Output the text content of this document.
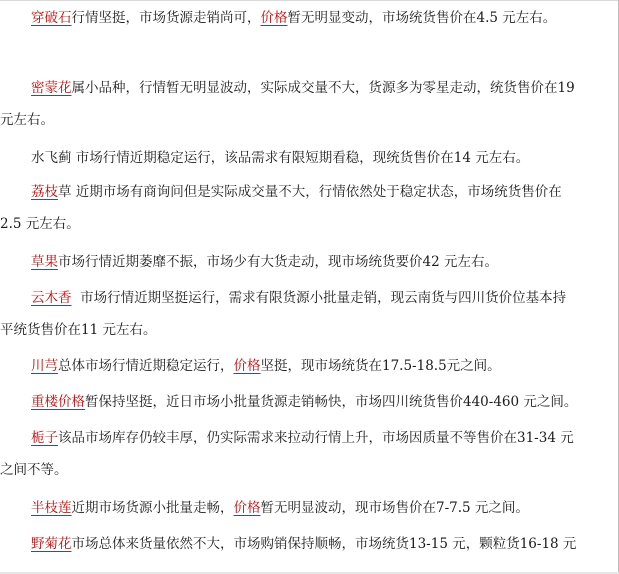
穿破石行情坚挺，市场货源走销尚可，价格暂无明显变动，市场统货售价在4.5 元左右。
密蒙花属小品种，行情暂无明显波动，实际成交量不大，货源多为零星走动，统货售价在19
元左右。
水飞蓟 市场行情近期稳定运行，该品需求有限短期看稳，现统货售价在14 元左右。
荔枝草 近期市场有商询问但是实际成交量不大，行情依然处于稳定状态，市场统货售价在
2.5 元左右。
草果市场行情近期萎靡不振，市场少有大货走动，现市场统货要价42 元左右。
云木香  市场行情近期坚挺运行，需求有限货源小批量走销，现云南货与四川货价位基本持
平统货售价在11 元左右。
川芎总体市场行情近期稳定运行，价格坚挺，现市场统货在17.5-18.5元之间。
重楼价格暂保持坚挺，近日市场小批量货源走销畅快，市场四川统货售价440-460 元之间。
栀子该品市场库存仍较丰厚，仍实际需求来拉动行情上升，市场因质量不等售价在31-34 元
之间不等。
半枝莲近期市场货源小批量走畅，价格暂无明显波动，现市场售价在7-7.5 元之间。
野菊花市场总体来货量依然不大，市场购销保持顺畅，市场统货13-15 元，颗粒货16-18 元
